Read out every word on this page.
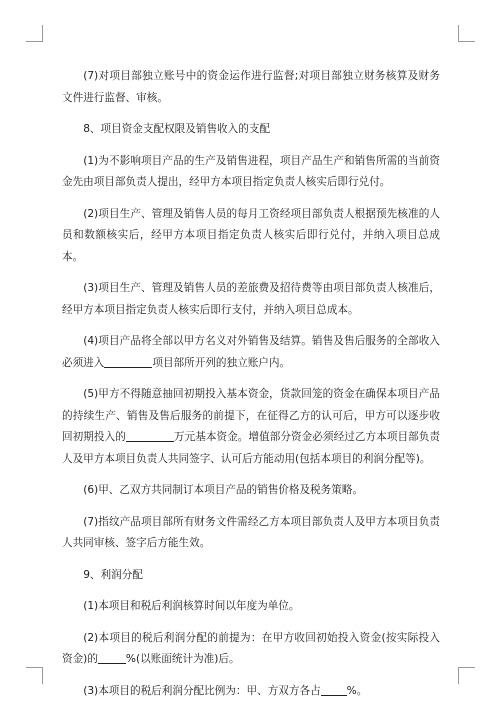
(7)对项目部独立账号中的资金运作进行监督;对项目部独立财务核算及财务文件进行监督、审核。

8、项目资金支配权限及销售收入的支配

(1)为不影响项目产品的生产及销售进程，项目产品生产和销售所需的当前资金先由项目部负责人提出，经甲方本项目指定负责人核实后即行兑付。

(2)项目生产、管理及销售人员的每月工资经项目部负责人根据预先核准的人员和数额核实后，经甲方本项目指定负责人核实后即行兑付，并纳入项目总成本。

(3)项目生产、管理及销售人员的差旅费及招待费等由项目部负责人核准后，经甲方本项目指定负责人核实后即行支付，并纳入项目总成本。

(4)项目产品将全部以甲方名义对外销售及结算。销售及售后服务的全部收入必须进入	项目部所开列的独立账户内。

(5)甲方不得随意抽回初期投入基本资金，货款回笼的资金在确保本项目产品的持续生产、销售及售后服务的前提下，在征得乙方的认可后，甲方可以逐步收回初期投入的	万元基本资金。增值部分资金必须经过乙方本项目部负责人及甲方本项目负责人共同签字、认可后方能动用(包括本项目的利润分配等)。

(6)甲、乙双方共同制订本项目产品的销售价格及税务策略。

(7)指纹产品项目部所有财务文件需经乙方本项目部负责人及甲方本项目负责人共同审核、签字后方能生效。

9、利润分配

(1)本项目和税后利润核算时间以年度为单位。

(2)本项目的税后利润分配的前提为：在甲方收回初始投入资金(按实际投入资金)的	%(以账面统计为准)后。

(3)本项目的税后利润分配比例为：甲、方双方各占 %。
